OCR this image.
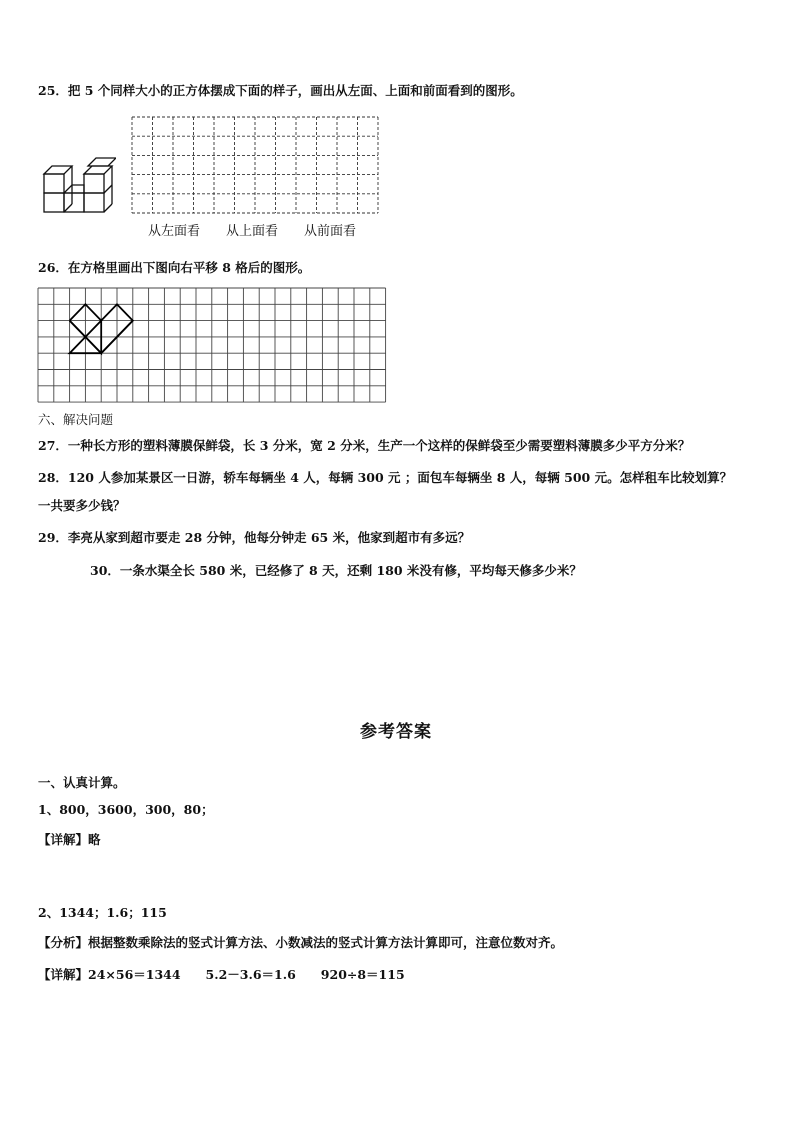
25．把 5 个同样大小的正方体摆成下面的样子，画出从左面、上面和前面看到的图形。
从左面看 从上面看 从前面看
26．在方格里画出下图向右平移 8 格后的图形。
六、解决问题
27．一种长方形的塑料薄膜保鲜袋，长 3 分米，宽 2 分米，生产一个这样的保鲜袋至少需要塑料薄膜多少平方分米？
28．120 人参加某景区一日游，轿车每辆坐 4 人，每辆 300 元 ；面包车每辆坐 8 人，每辆 500 元。怎样租车比较划算？
一共要多少钱？
29．李亮从家到超市要走 28 分钟，他每分钟走 65 米，他家到超市有多远？
30．一条水渠全长 580 米，已经修了 8 天，还剩 180 米没有修，平均每天修多少米？
参考答案
一、认真计算。
1、800，3600，300，80；
【详解】略
2、1344；1.6；115
【分析】根据整数乘除法的竖式计算方法、小数减法的竖式计算方法计算即可，注意位数对齐。
【详解】24×56＝1344　　5.2－3.6＝1.6　　920÷8＝115
